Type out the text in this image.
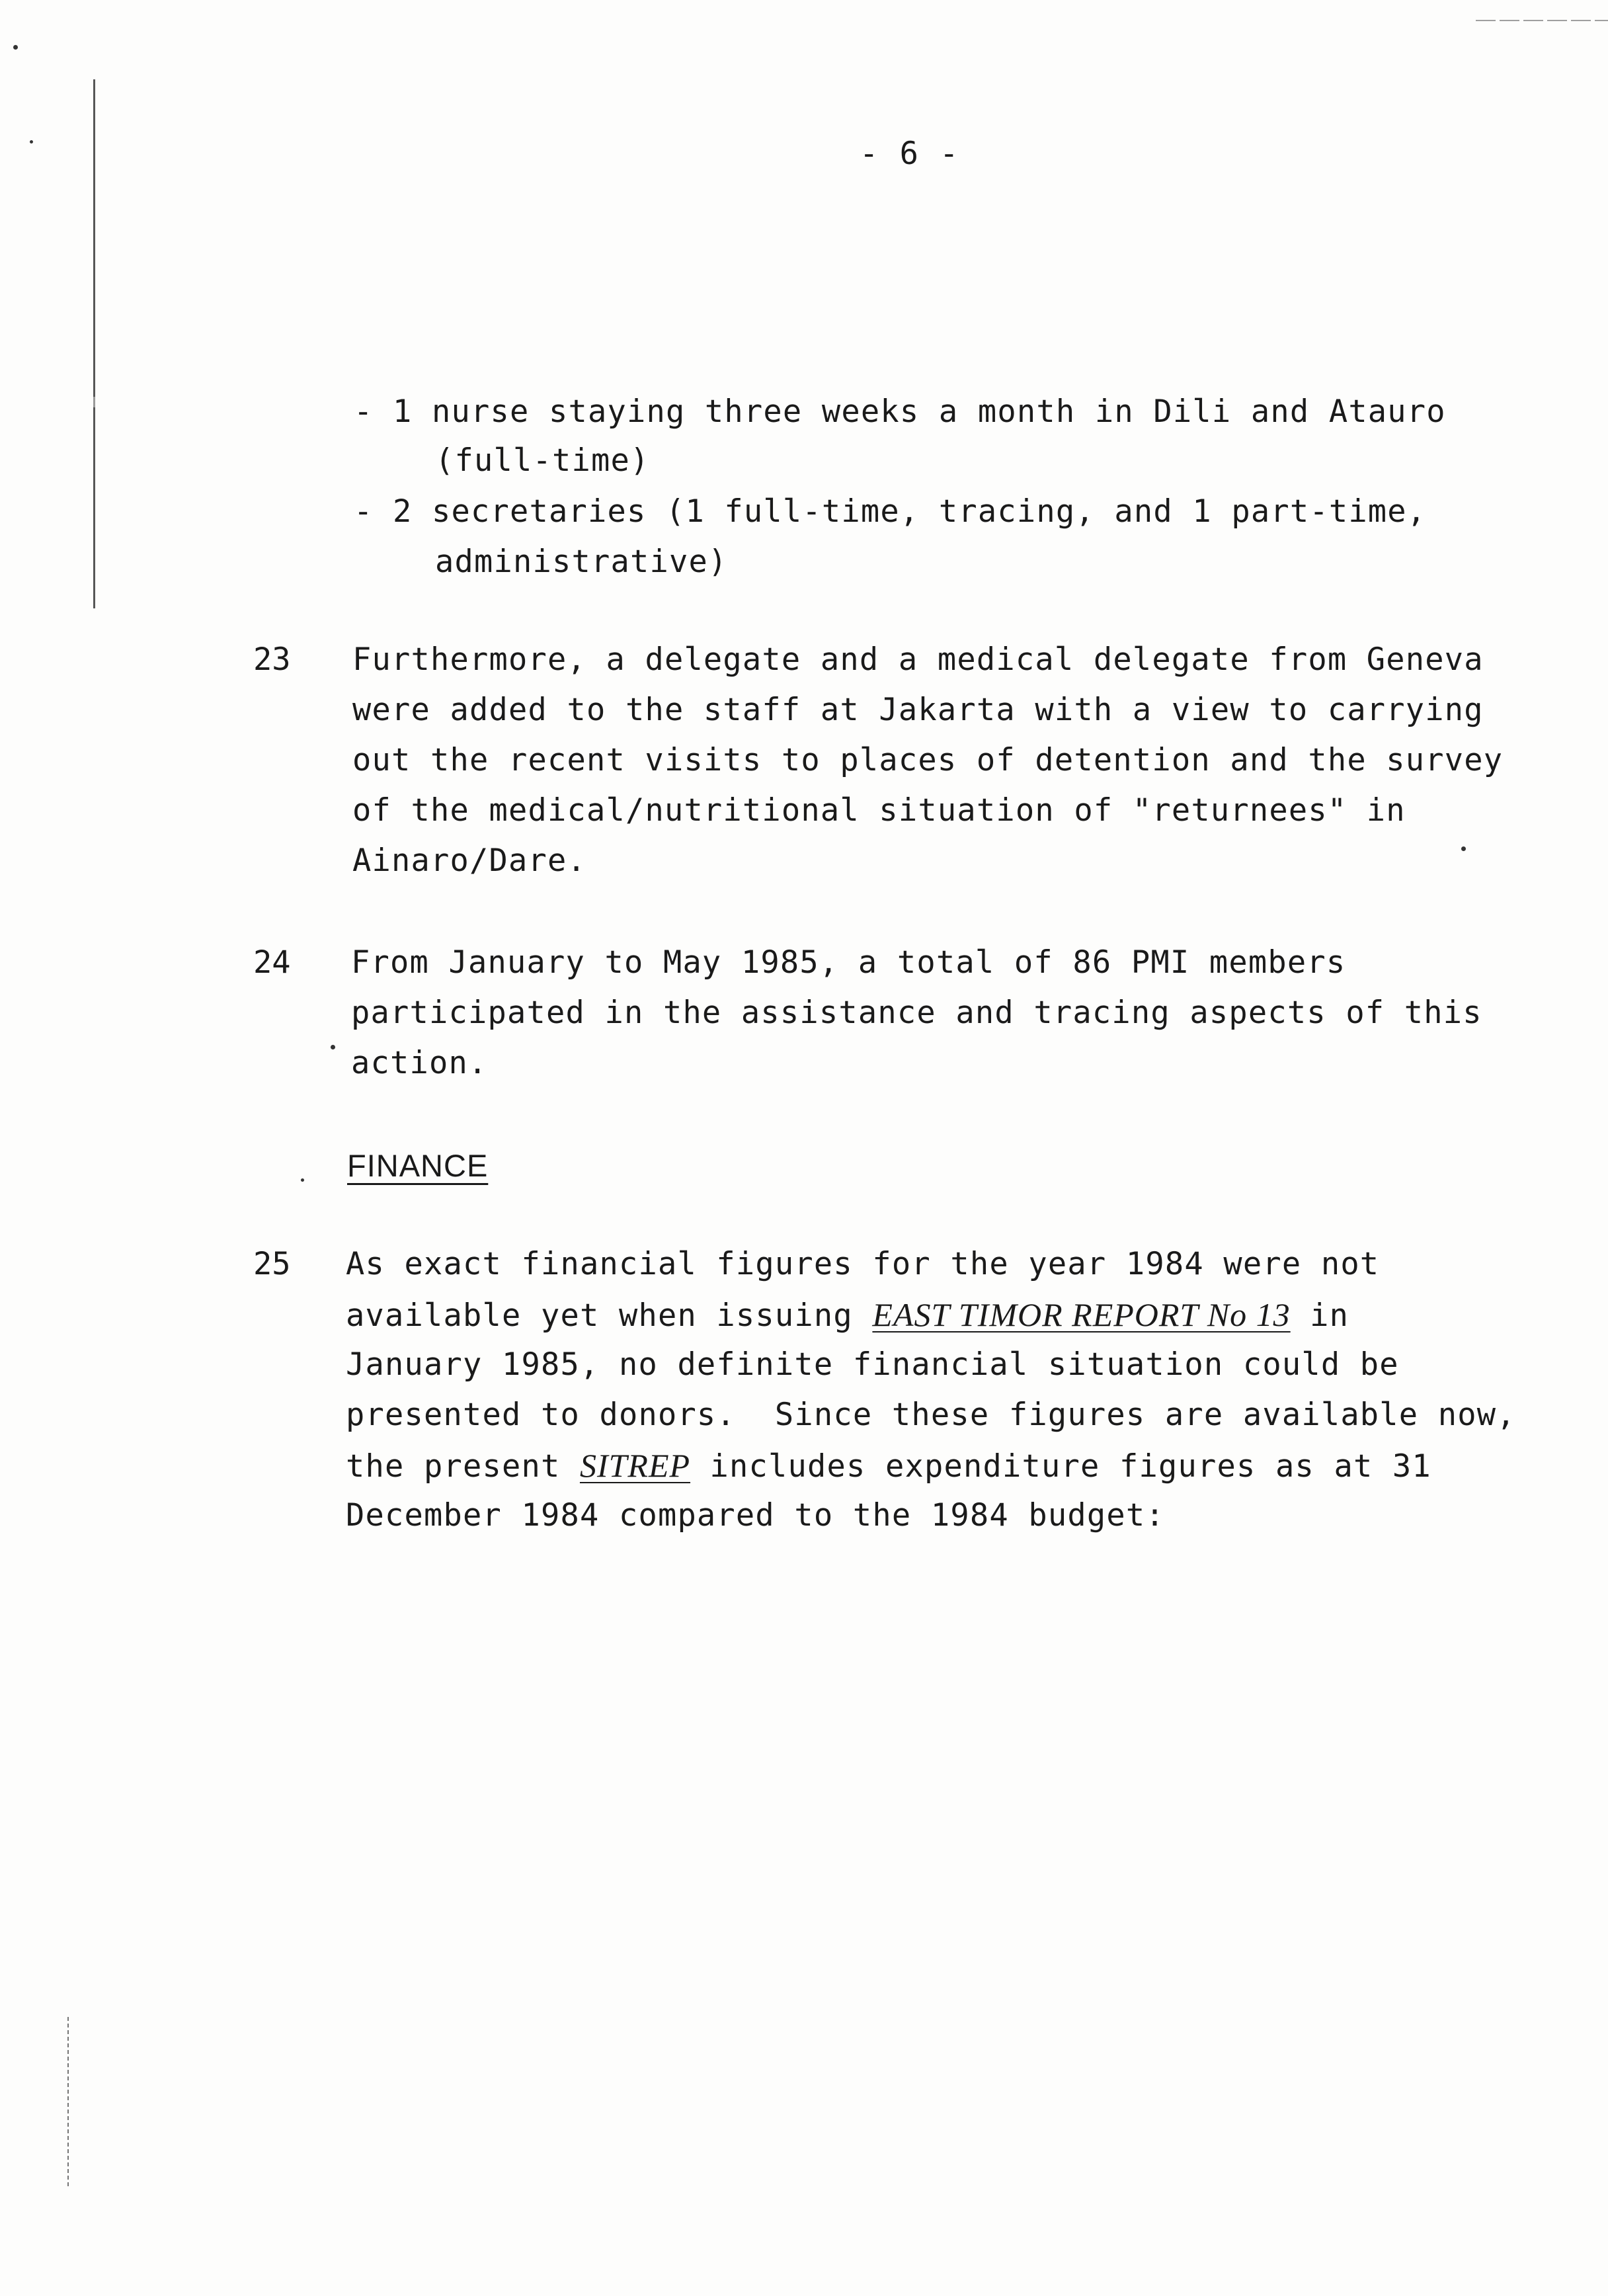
- 6 -
- 1 nurse staying three weeks a month in Dili and Atauro
(full-time)
- 2 secretaries (1 full-time, tracing, and 1 part-time,
administrative)
23 Furthermore, a delegate and a medical delegate from Geneva
were added to the staff at Jakarta with a view to carrying
out the recent visits to places of detention and the survey
of the medical/nutritional situation of "returnees" in
Ainaro/Dare.
24 From January to May 1985, a total of 86 PMI members
participated in the assistance and tracing aspects of this
action.
FINANCE
25 As exact financial figures for the year 1984 were not
available yet when issuing EAST TIMOR REPORT No 13 in
January 1985, no definite financial situation could be
presented to donors.  Since these figures are available now,
the present SITREP includes expenditure figures as at 31
December 1984 compared to the 1984 budget:
